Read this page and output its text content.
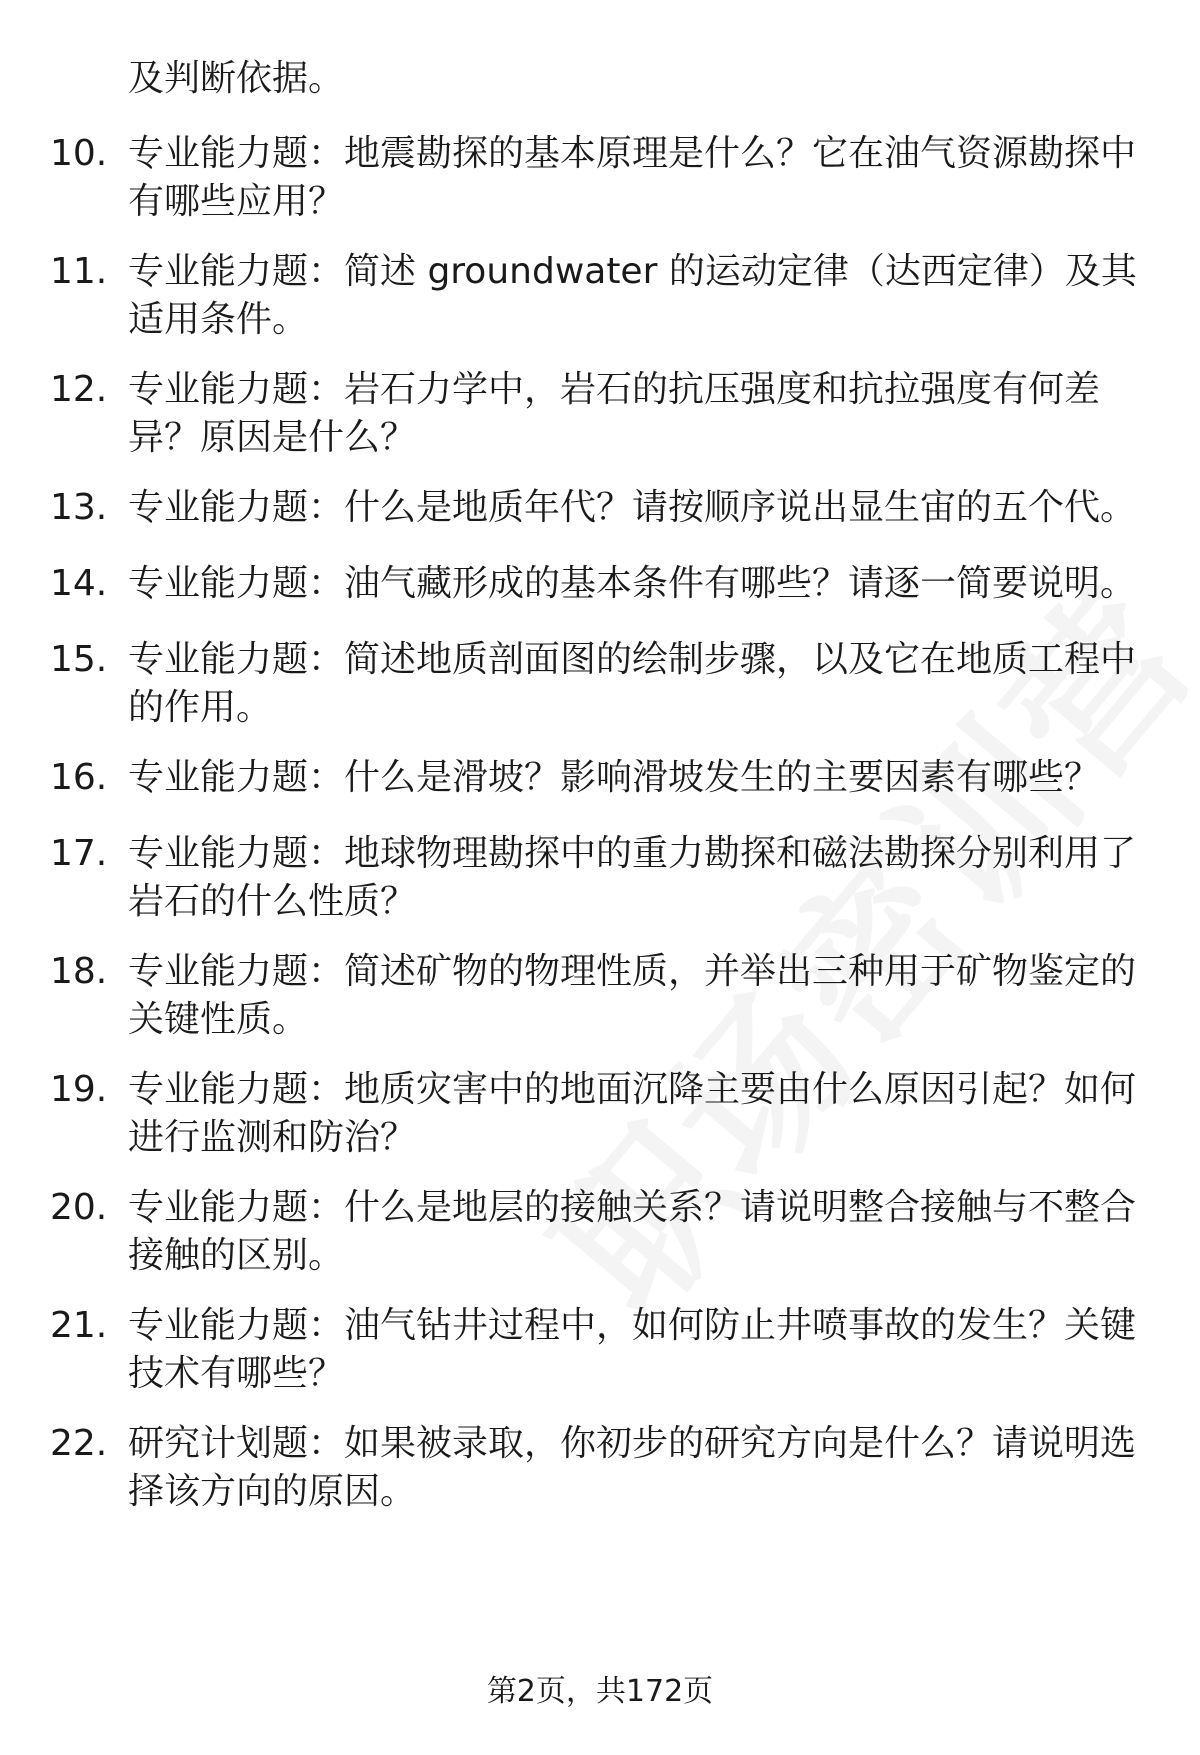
及判断依据。
10. 专业能力题：地震勘探的基本原理是什么？它在油气资源勘探中有哪些应用？
11. 专业能力题：简述 groundwater 的运动定律（达西定律）及其适用条件。
12. 专业能力题：岩石力学中，岩石的抗压强度和抗拉强度有何差异？原因是什么？
13. 专业能力题：什么是地质年代？请按顺序说出显生宙的五个代。
14. 专业能力题：油气藏形成的基本条件有哪些？请逐一简要说明。
15. 专业能力题：简述地质剖面图的绘制步骤，以及它在地质工程中的作用。
16. 专业能力题：什么是滑坡？影响滑坡发生的主要因素有哪些？
17. 专业能力题：地球物理勘探中的重力勘探和磁法勘探分别利用了岩石的什么性质？
18. 专业能力题：简述矿物的物理性质，并举出三种用于矿物鉴定的关键性质。
19. 专业能力题：地质灾害中的地面沉降主要由什么原因引起？如何进行监测和防治？
20. 专业能力题：什么是地层的接触关系？请说明整合接触与不整合接触的区别。
21. 专业能力题：油气钻井过程中，如何防止井喷事故的发生？关键技术有哪些？
22. 研究计划题：如果被录取，你初步的研究方向是什么？请说明选择该方向的原因。
第2页，共172页
